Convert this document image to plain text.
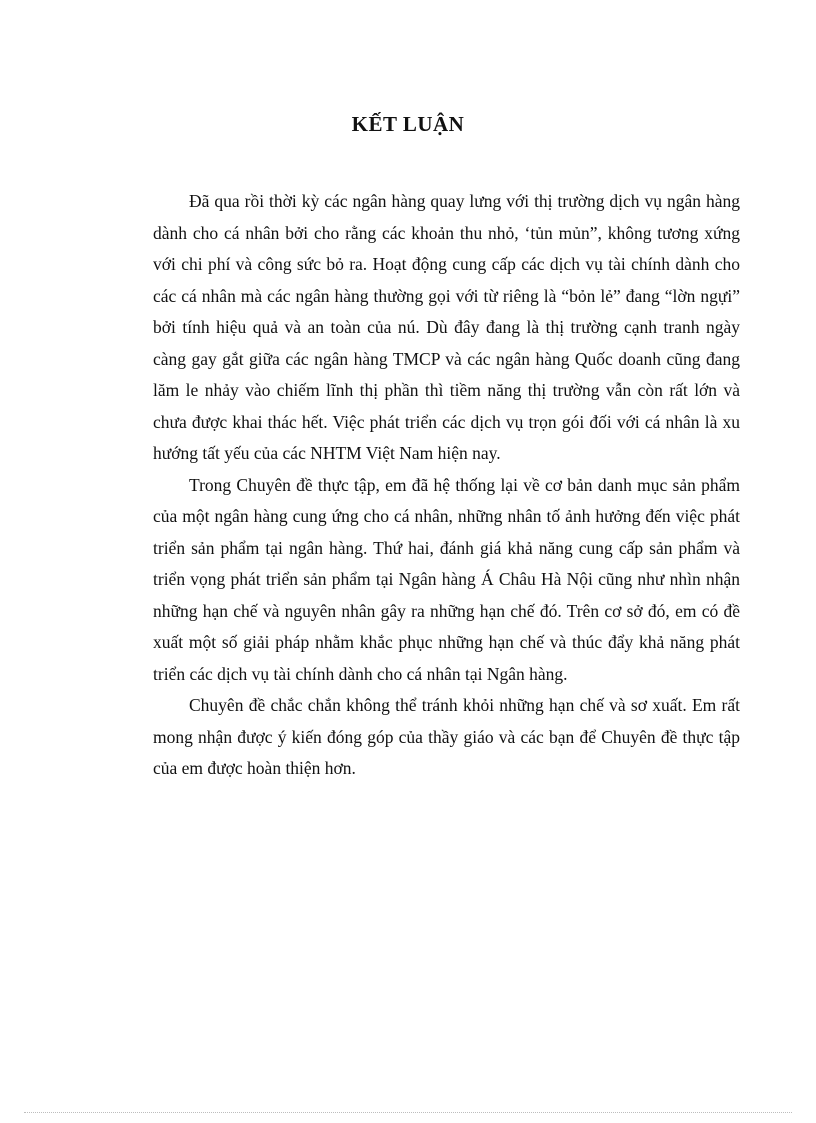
KẾT LUẬN

Đã qua rồi thời kỳ các ngân hàng quay lưng với thị trường dịch vụ ngân hàng dành cho cá nhân bởi cho rằng các khoản thu nhỏ, ‘tủn mủn”, không tương xứng với chi phí và công sức bỏ ra. Hoạt động cung cấp các dịch vụ tài chính dành cho các cá nhân mà các ngân hàng thường gọi với từ riêng là “bỏn lẻ” đang “lờn ngựi” bởi tính hiệu quả và an toàn của nú. Dù đây đang là thị trường cạnh tranh ngày càng gay gắt giữa các ngân hàng TMCP và các ngân hàng Quốc doanh cũng đang lăm le nhảy vào chiếm lĩnh thị phần thì tiềm năng thị trường vẫn còn rất lớn và chưa được khai thác hết. Việc phát triển các dịch vụ trọn gói đối với cá nhân là xu hướng tất yếu của các NHTM Việt Nam hiện nay.

Trong Chuyên đề thực tập, em đã hệ thống lại về cơ bản danh mục sản phẩm của một ngân hàng cung ứng cho cá nhân, những nhân tố ảnh hưởng đến việc phát triển sản phẩm tại ngân hàng. Thứ hai, đánh giá khả năng cung cấp sản phẩm và triển vọng phát triển sản phẩm tại Ngân hàng Á Châu Hà Nội cũng như nhìn nhận những hạn chế và nguyên nhân gây ra những hạn chế đó. Trên cơ sở đó, em có đề xuất một số giải pháp nhằm khắc phục những hạn chế và thúc đẩy khả năng phát triển các dịch vụ tài chính dành cho cá nhân tại Ngân hàng.

Chuyên đề chắc chắn không thể tránh khỏi những hạn chế và sơ xuất. Em rất mong nhận được ý kiến đóng góp của thầy giáo và các bạn để Chuyên đề thực tập của em được hoàn thiện hơn.
